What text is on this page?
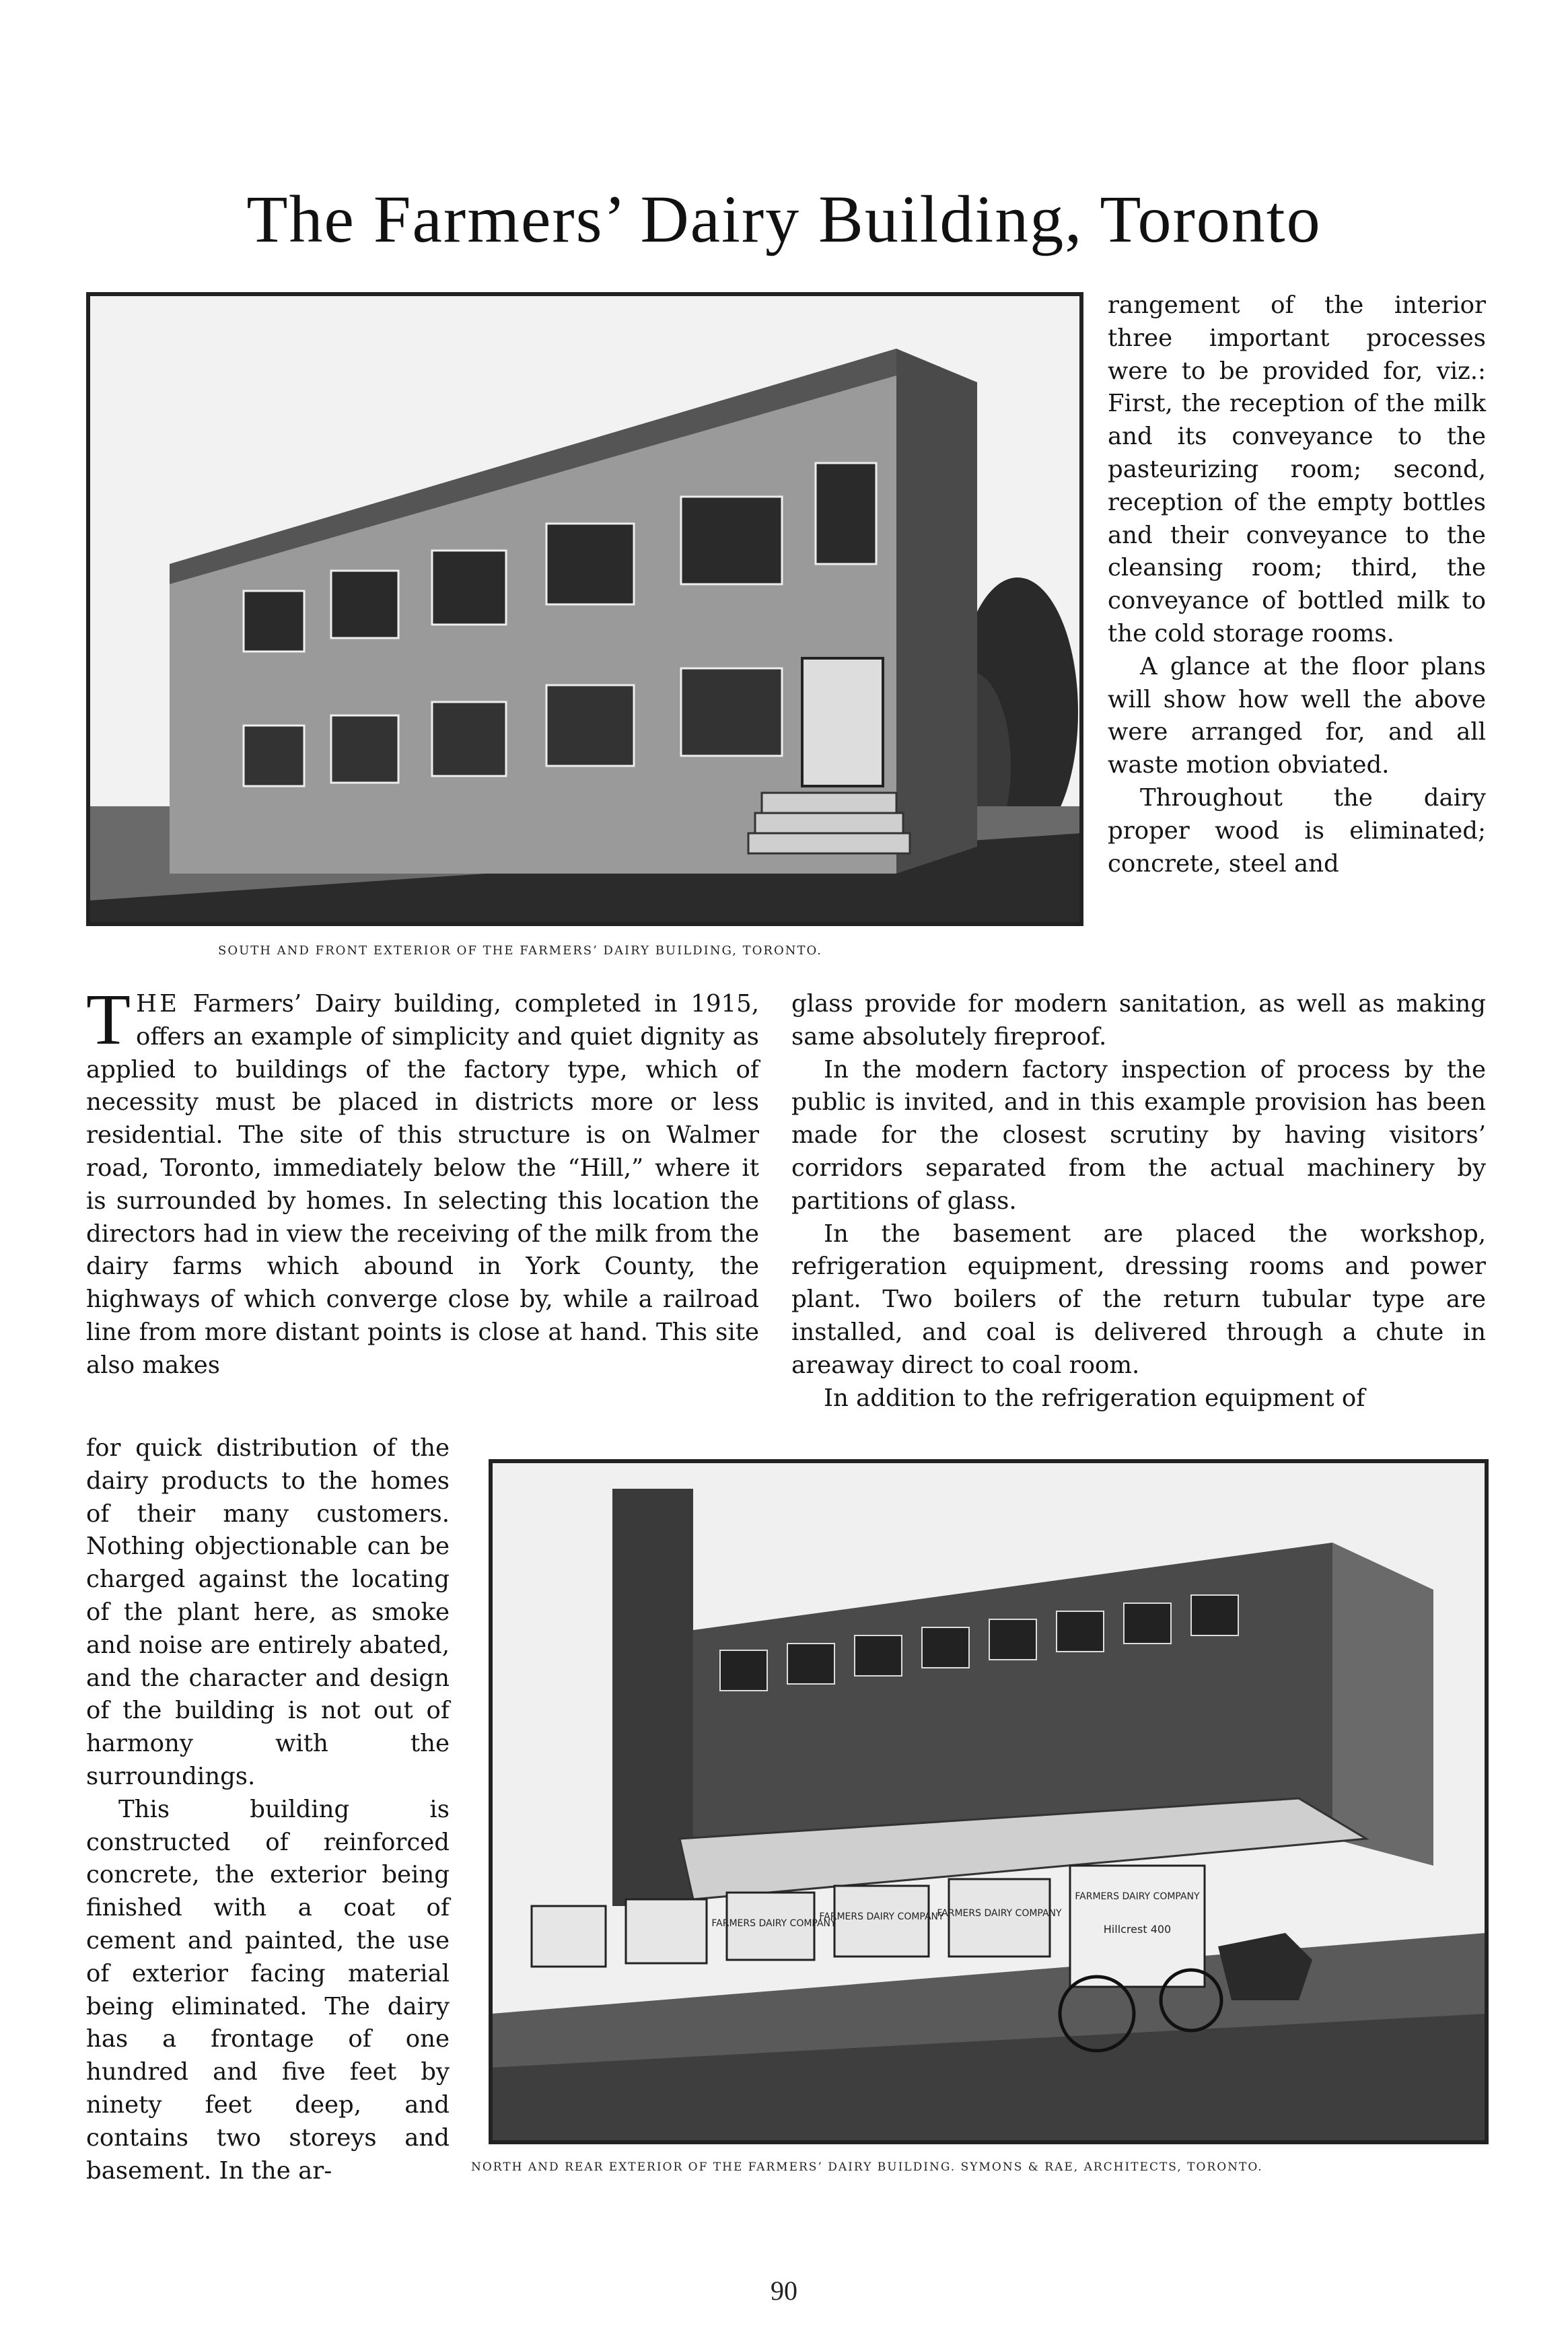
The Farmers’ Dairy Building, Toronto
SOUTH AND FRONT EXTERIOR OF THE FARMERS’ DAIRY BUILDING, TORONTO.

rangement of the interior three important processes were to be provided for, viz.: First, the reception of the milk and its conveyance to the pasteurizing room; second, reception of the empty bottles and their conveyance to the cleansing room; third, the conveyance of bottled milk to the cold storage rooms.

A glance at the floor plans will show how well the above were arranged for, and all waste motion obviated.

Throughout the dairy proper wood is eliminated; concrete, steel and

THE Farmers’ Dairy building, completed in 1915, offers an example of simplicity and quiet dignity as applied to buildings of the factory type, which of necessity must be placed in districts more or less residential. The site of this structure is on Walmer road, Toronto, immediately below the “Hill,” where it is surrounded by homes. In selecting this location the directors had in view the receiving of the milk from the dairy farms which abound in York County, the highways of which converge close by, while a railroad line from more distant points is close at hand. This site also makes

for quick distribution of the dairy products to the homes of their many customers. Nothing objectionable can be charged against the locating of the plant here, as smoke and noise are entirely abated, and the character and design of the building is not out of harmony with the surroundings.

This building is constructed of reinforced concrete, the exterior being finished with a coat of cement and painted, the use of exterior facing material being eliminated. The dairy has a frontage of one hundred and five feet by ninety feet deep, and contains two storeys and basement. In the ar-

glass provide for modern sanitation, as well as making same absolutely fireproof.

In the modern factory inspection of process by the public is invited, and in this example provision has been made for the closest scrutiny by having visitors’ corridors separated from the actual machinery by partitions of glass.

In the basement are placed the workshop, refrigeration equipment, dressing rooms and power plant. Two boilers of the return tubular type are installed, and coal is delivered through a chute in areaway direct to coal room.

In addition to the refrigeration equipment of

FARMERS DAIRY COMPANY
FARMERS DAIRY COMPANY
FARMERS DAIRY COMPANY
FARMERS DAIRY COMPANY
Hillcrest 400
NORTH AND REAR EXTERIOR OF THE FARMERS’ DAIRY BUILDING. SYMONS & RAE, ARCHITECTS, TORONTO.
90
